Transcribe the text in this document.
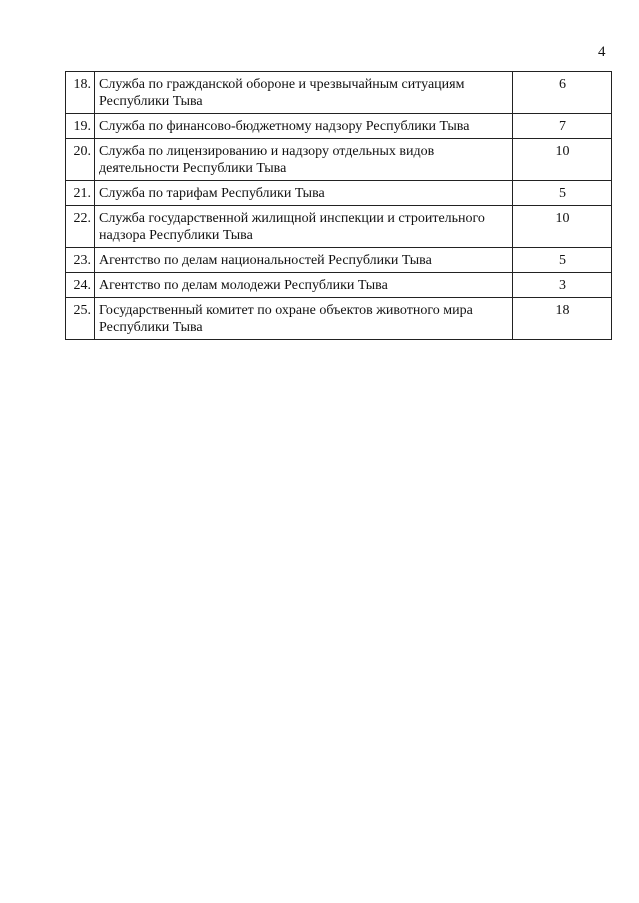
4
18.	Служба по гражданской обороне и чрезвычайным ситуациям Республики Тыва	6
19.	Служба по финансово-бюджетному надзору Республики Тыва	7
20.	Служба по лицензированию и надзору отдельных видов деятельности Республики Тыва	10
21.	Служба по тарифам Республики Тыва	5
22.	Служба государственной жилищной инспекции и строительного надзора Республики Тыва	10
23.	Агентство по делам национальностей Республики Тыва	5
24.	Агентство по делам молодежи Республики Тыва	3
25.	Государственный комитет по охране объектов животного мира Республики Тыва	18
